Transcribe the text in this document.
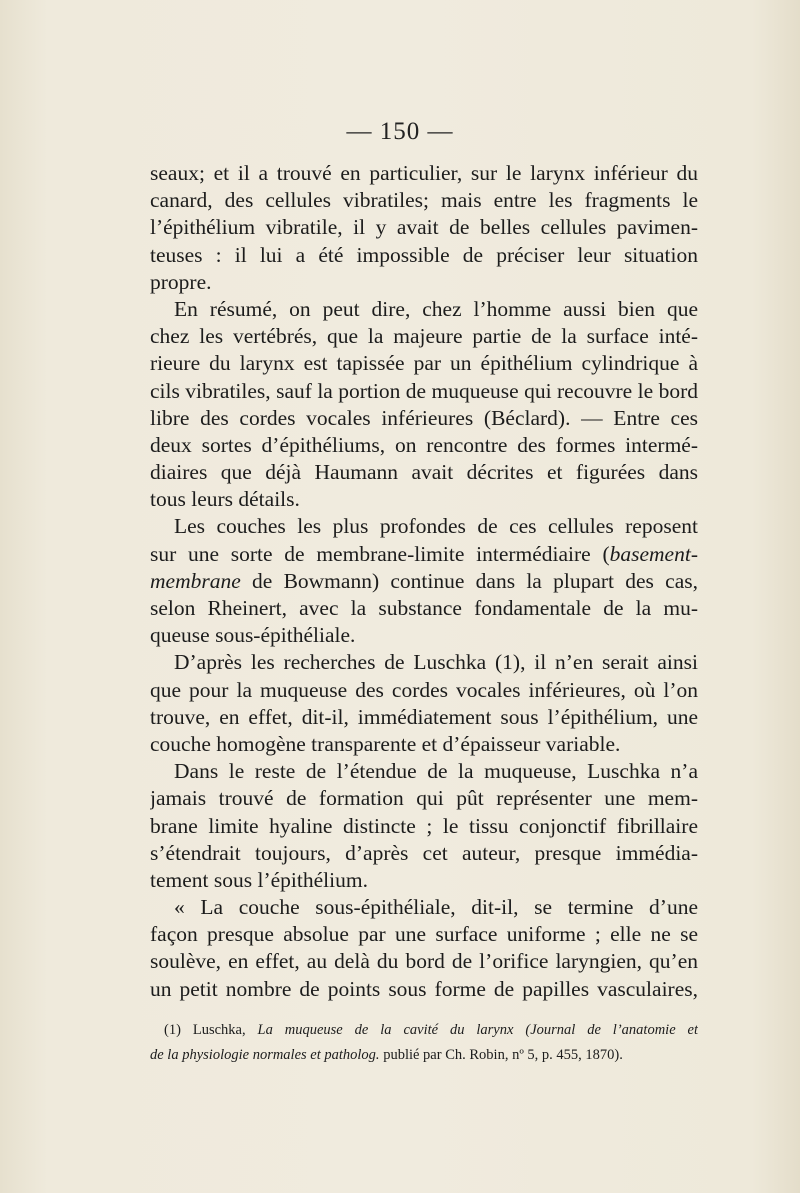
— 150 —
seaux; et il a trouvé en particulier, sur le larynx inférieur du
canard, des cellules vibratiles; mais entre les fragments le
l’épithélium vibratile, il y avait de belles cellules pavimen-
teuses : il lui a été impossible de préciser leur situation
propre.
En résumé, on peut dire, chez l’homme aussi bien que
chez les vertébrés, que la majeure partie de la surface inté-
rieure du larynx est tapissée par un épithélium cylindrique à
cils vibratiles, sauf la portion de muqueuse qui recouvre le bord
libre des cordes vocales inférieures (Béclard). — Entre ces
deux sortes d’épithéliums, on rencontre des formes intermé-
diaires que déjà Haumann avait décrites et figurées dans
tous leurs détails.
Les couches les plus profondes de ces cellules reposent
sur une sorte de membrane-limite intermédiaire (basement-
membrane de Bowmann) continue dans la plupart des cas,
selon Rheinert, avec la substance fondamentale de la mu-
queuse sous-épithéliale.
D’après les recherches de Luschka (1), il n’en serait ainsi
que pour la muqueuse des cordes vocales inférieures, où l’on
trouve, en effet, dit-il, immédiatement sous l’épithélium, une
couche homogène transparente et d’épaisseur variable.
Dans le reste de l’étendue de la muqueuse, Luschka n’a
jamais trouvé de formation qui pût représenter une mem-
brane limite hyaline distincte ; le tissu conjonctif fibrillaire
s’étendrait toujours, d’après cet auteur, presque immédia-
tement sous l’épithélium.
« La couche sous-épithéliale, dit-il, se termine d’une
façon presque absolue par une surface uniforme ; elle ne se
soulève, en effet, au delà du bord de l’orifice laryngien, qu’en
un petit nombre de points sous forme de papilles vasculaires,
(1) Luschka, La muqueuse de la cavité du larynx (Journal de l’anatomie et
de la physiologie normales et patholog. publié par Ch. Robin, nº 5, p. 455, 1870).
